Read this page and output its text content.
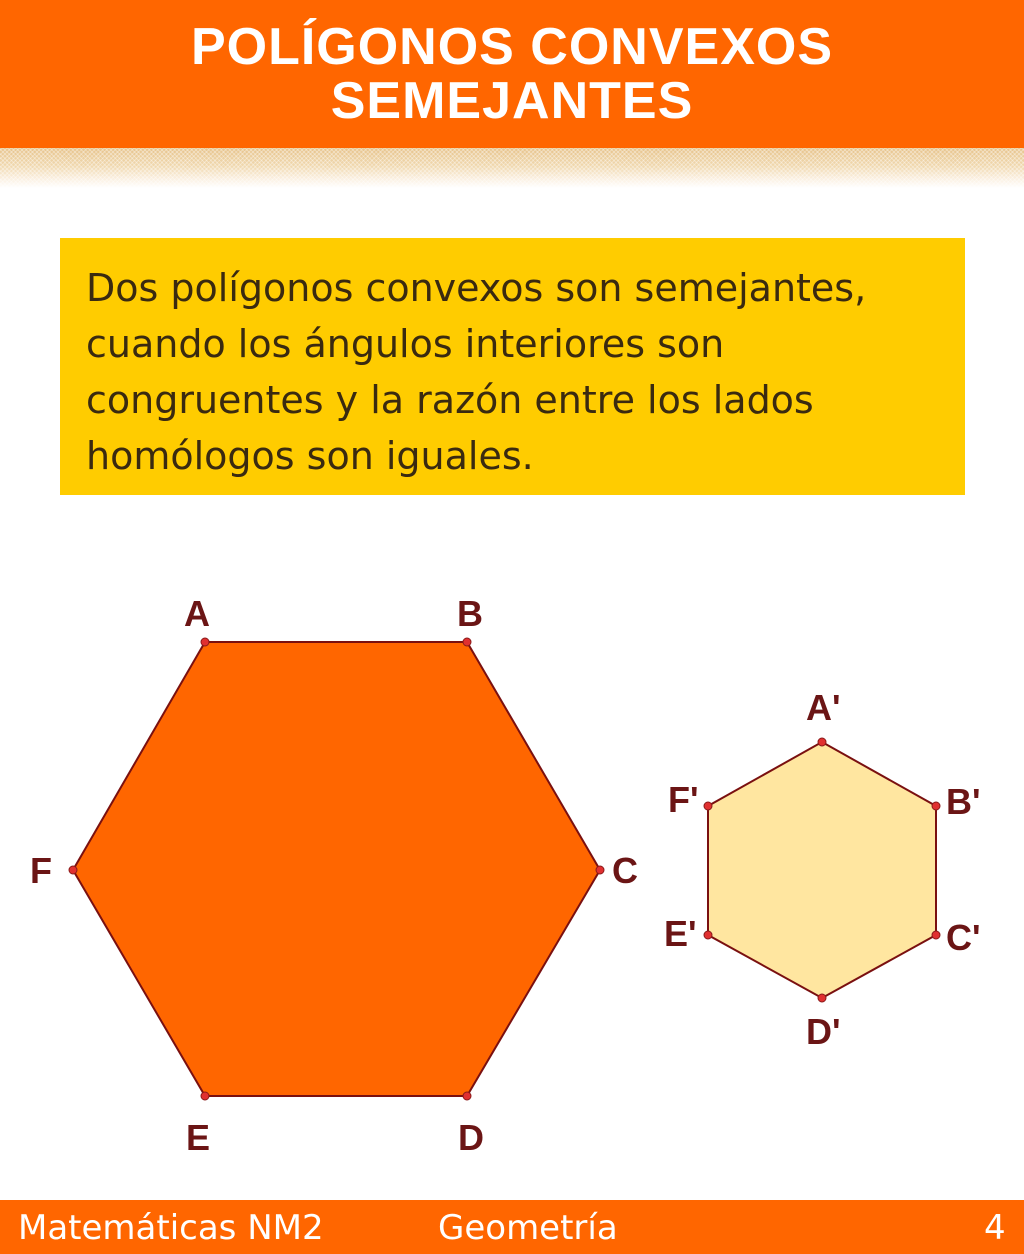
POLÍGONOS CONVEXOS
SEMEJANTES

Dos polígonos convexos son semejantes, cuando los ángulos interiores son congruentes y la razón entre los lados homólogos son iguales.

A	B
C
D
E
F
A'
B'
C'
D'
E'
F'
Matemáticas NM2	Geometría	4
